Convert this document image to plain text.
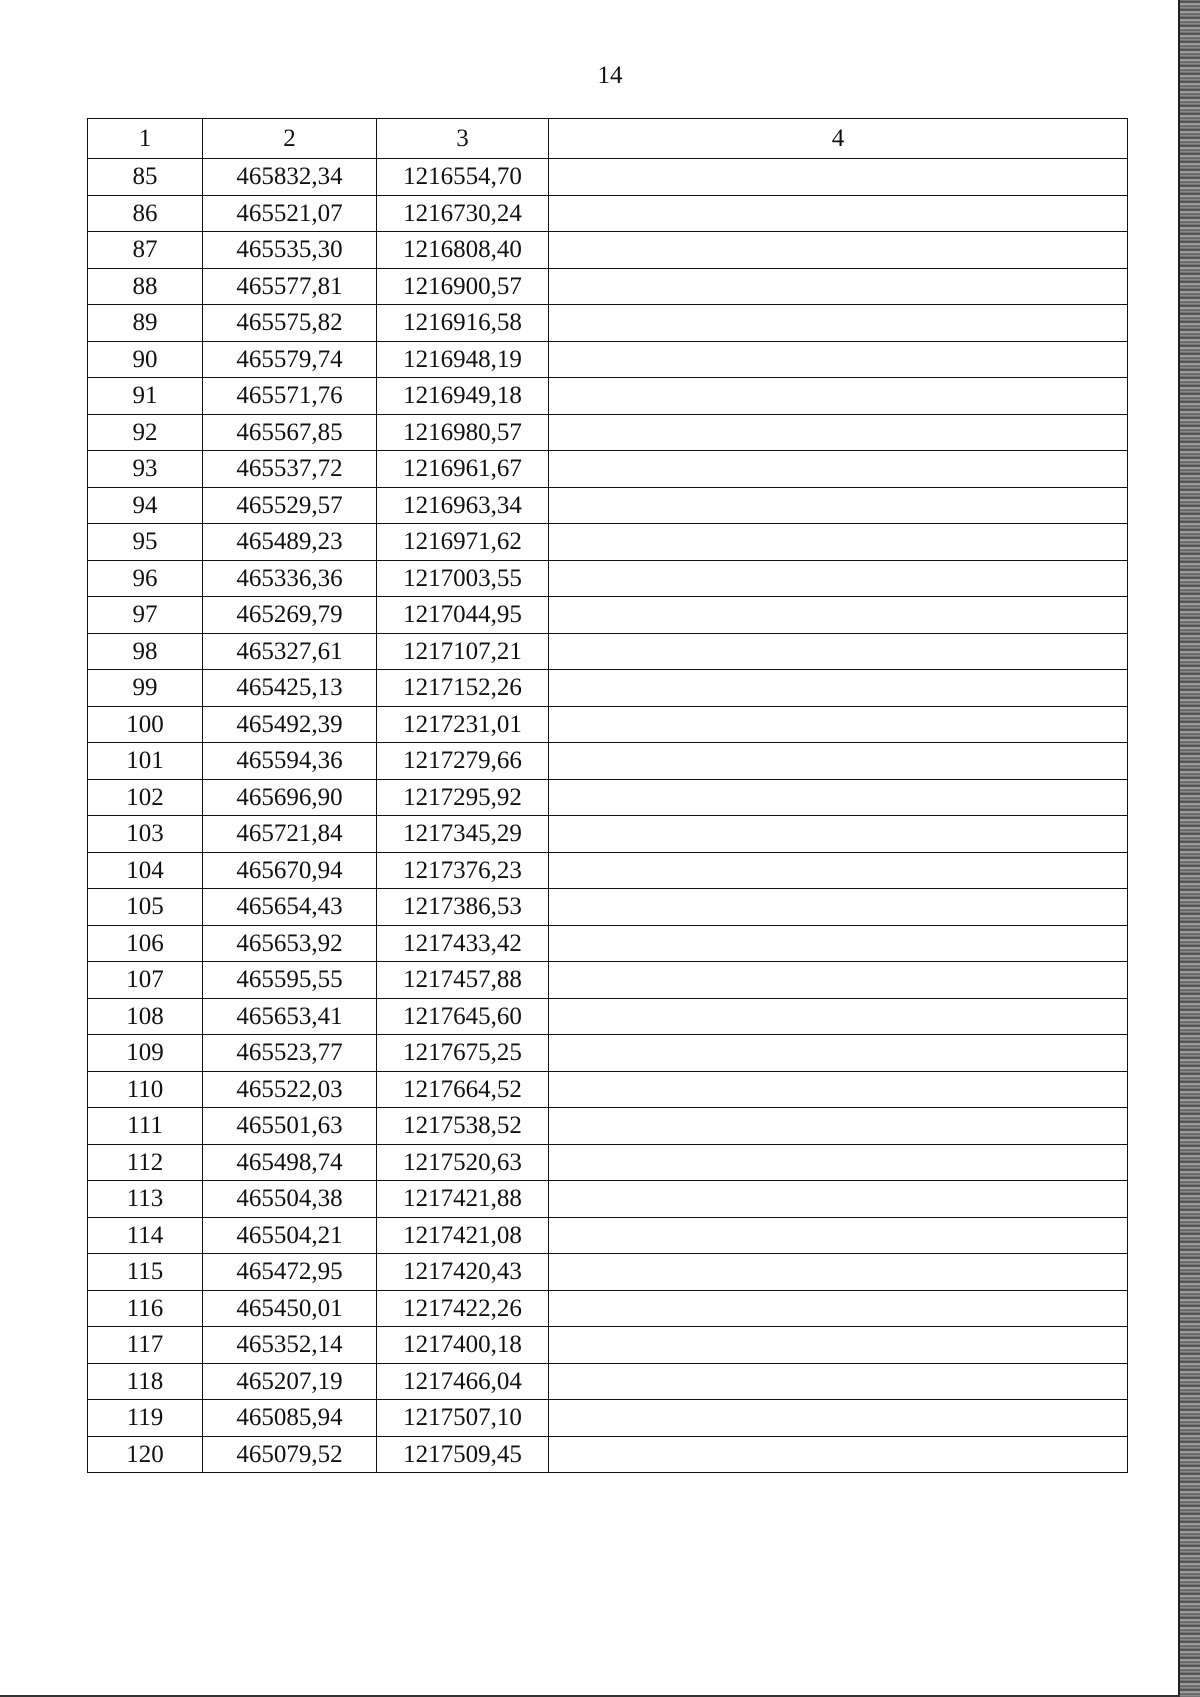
14
1	2	3	4
85	465832,34	1216554,70	
86	465521,07	1216730,24	
87	465535,30	1216808,40	
88	465577,81	1216900,57	
89	465575,82	1216916,58	
90	465579,74	1216948,19	
91	465571,76	1216949,18	
92	465567,85	1216980,57	
93	465537,72	1216961,67	
94	465529,57	1216963,34	
95	465489,23	1216971,62	
96	465336,36	1217003,55	
97	465269,79	1217044,95	
98	465327,61	1217107,21	
99	465425,13	1217152,26	
100	465492,39	1217231,01	
101	465594,36	1217279,66	
102	465696,90	1217295,92	
103	465721,84	1217345,29	
104	465670,94	1217376,23	
105	465654,43	1217386,53	
106	465653,92	1217433,42	
107	465595,55	1217457,88	
108	465653,41	1217645,60	
109	465523,77	1217675,25	
110	465522,03	1217664,52	
111	465501,63	1217538,52	
112	465498,74	1217520,63	
113	465504,38	1217421,88	
114	465504,21	1217421,08	
115	465472,95	1217420,43	
116	465450,01	1217422,26	
117	465352,14	1217400,18	
118	465207,19	1217466,04	
119	465085,94	1217507,10	
120	465079,52	1217509,45	
